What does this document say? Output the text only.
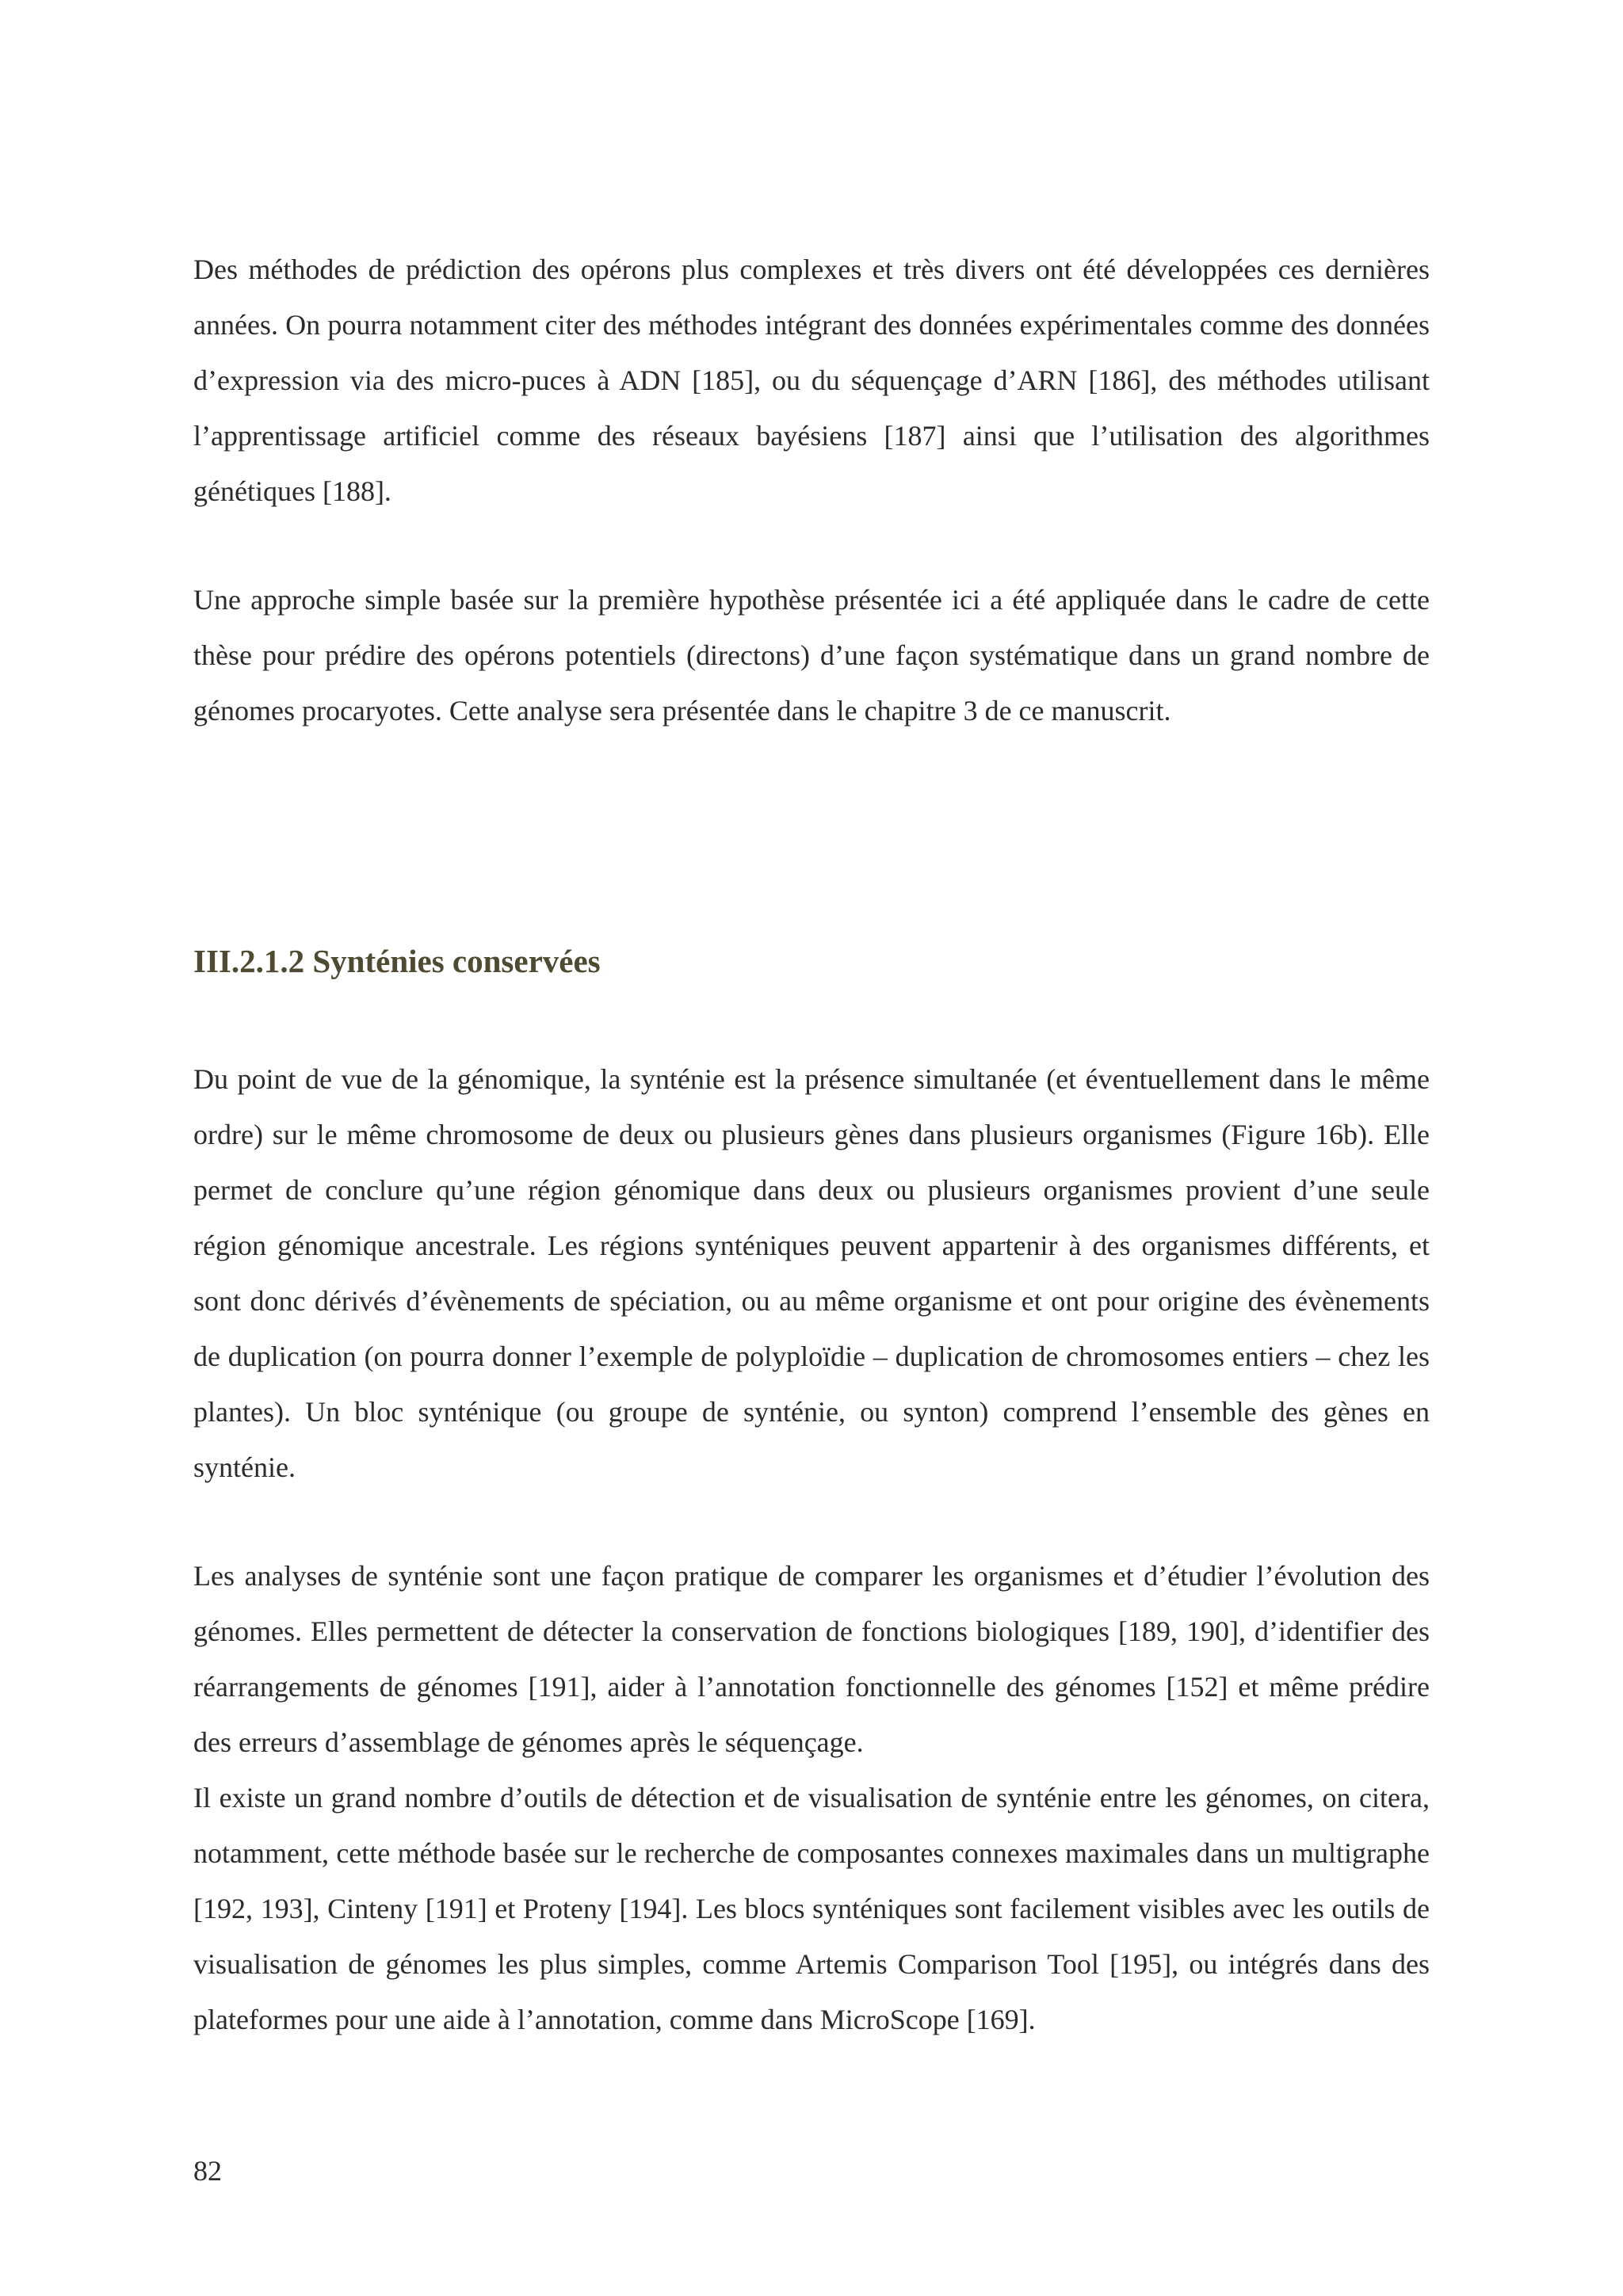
Des méthodes de prédiction des opérons plus complexes et très divers ont été développées ces dernières années. On pourra notamment citer des méthodes intégrant des données expérimentales comme des données d’expression via des micro-puces à ADN [185], ou du séquençage d’ARN [186], des méthodes utilisant l’apprentissage artificiel comme des réseaux bayésiens [187] ainsi que l’utilisation des algorithmes génétiques [188].

Une approche simple basée sur la première hypothèse présentée ici a été appliquée dans le cadre de cette thèse pour prédire des opérons potentiels (directons) d’une façon systématique dans un grand nombre de génomes procaryotes. Cette analyse sera présentée dans le chapitre 3 de ce manuscrit.

III.2.1.2 Synténies conservées

Du point de vue de la génomique, la synténie est la présence simultanée (et éventuellement dans le même ordre) sur le même chromosome de deux ou plusieurs gènes dans plusieurs organismes (Figure 16b). Elle permet de conclure qu’une région génomique dans deux ou plusieurs organismes provient d’une seule région génomique ancestrale. Les régions synténiques peuvent appartenir à des organismes différents, et sont donc dérivés d’évènements de spéciation, ou au même organisme et ont pour origine des évènements de duplication (on pourra donner l’exemple de polyploïdie – duplication de chromosomes entiers – chez les plantes). Un bloc synténique (ou groupe de synténie, ou synton) comprend l’ensemble des gènes en synténie.

Les analyses de synténie sont une façon pratique de comparer les organismes et d’étudier l’évolution des génomes. Elles permettent de détecter la conservation de fonctions biologiques [189, 190], d’identifier des réarrangements de génomes [191], aider à l’annotation fonctionnelle des génomes [152] et même prédire des erreurs d’assemblage de génomes après le séquençage.

Il existe un grand nombre d’outils de détection et de visualisation de synténie entre les génomes, on citera, notamment, cette méthode basée sur le recherche de composantes connexes maximales dans un multigraphe [192, 193], Cinteny [191] et Proteny [194]. Les blocs synténiques sont facilement visibles avec les outils de visualisation de génomes les plus simples, comme Artemis Comparison Tool [195], ou intégrés dans des plateformes pour une aide à l’annotation, comme dans MicroScope [169].

82
